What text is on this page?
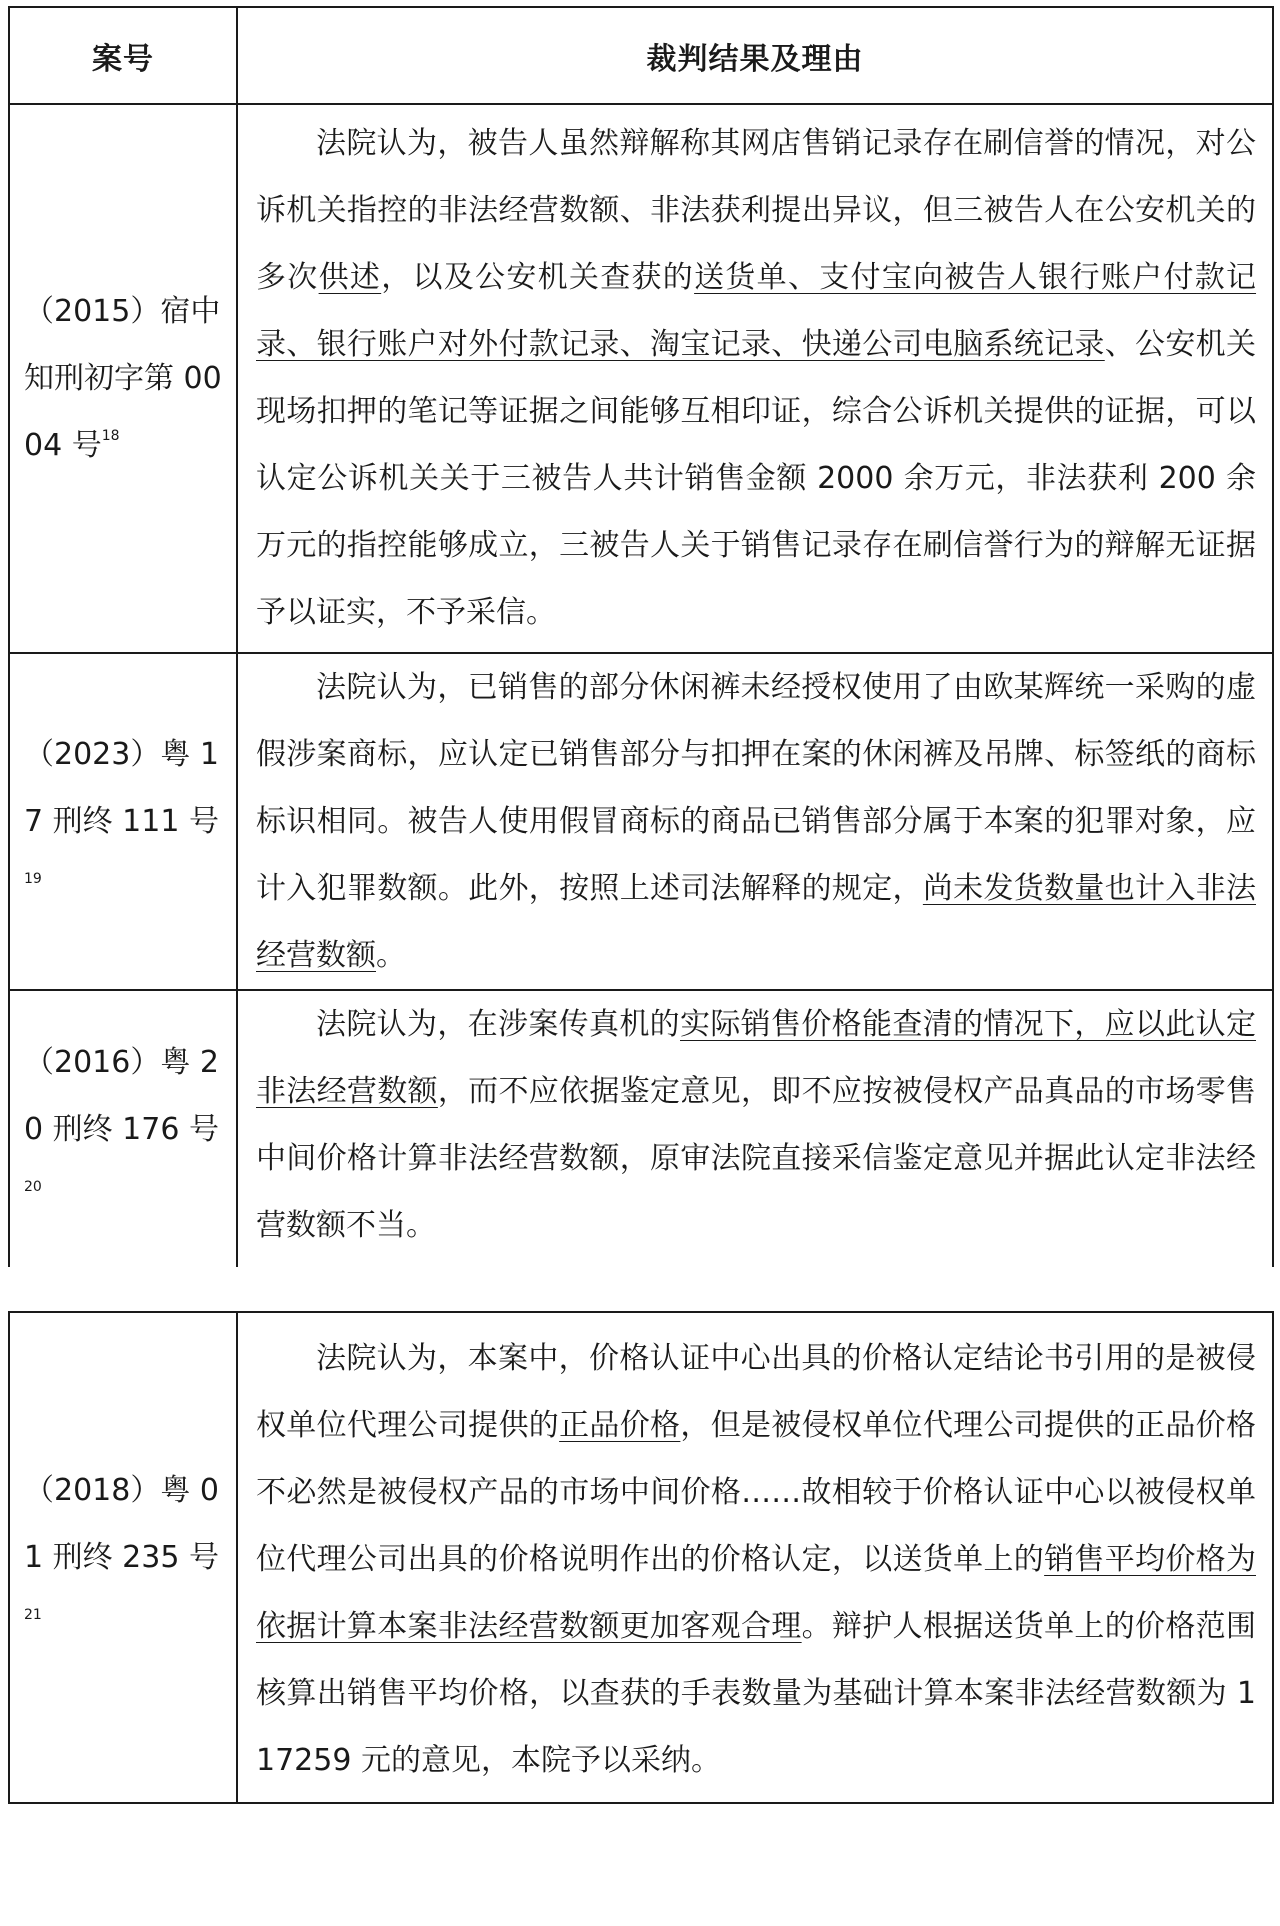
案号	裁判结果及理由
（2015）宿中知刑初字第 0004 号$^{18}$	法院认为，被告人虽然辩解称其网店售销记录存在刷信誉的情况，对公诉机关指控的非法经营数额、非法获利提出异议，但三被告人在公安机关的多次供述，以及公安机关查获的送货单、支付宝向被告人银行账户付款记录、银行账户对外付款记录、淘宝记录、快递公司电脑系统记录、公安机关现场扣押的笔记等证据之间能够互相印证，综合公诉机关提供的证据，可以认定公诉机关关于三被告人共计销售金额 2000 余万元，非法获利 200 余万元的指控能够成立，三被告人关于销售记录存在刷信誉行为的辩解无证据予以证实，不予采信。
（2023）粤 17 刑终 111 号$^{19}$	法院认为，已销售的部分休闲裤未经授权使用了由欧某辉统一采购的虚假涉案商标，应认定已销售部分与扣押在案的休闲裤及吊牌、标签纸的商标标识相同。被告人使用假冒商标的商品已销售部分属于本案的犯罪对象，应计入犯罪数额。此外，按照上述司法解释的规定，尚未发货数量也计入非法经营数额。
（2016）粤 20 刑终 176 号$^{20}$	法院认为，在涉案传真机的实际销售价格能查清的情况下，应以此认定非法经营数额，而不应依据鉴定意见，即不应按被侵权产品真品的市场零售中间价格计算非法经营数额，原审法院直接采信鉴定意见并据此认定非法经营数额不当。
（2018）粤 01 刑终 235 号$^{21}$	法院认为，本案中，价格认证中心出具的价格认定结论书引用的是被侵权单位代理公司提供的正品价格，但是被侵权单位代理公司提供的正品价格不必然是被侵权产品的市场中间价格……故相较于价格认证中心以被侵权单位代理公司出具的价格说明作出的价格认定，以送货单上的销售平均价格为依据计算本案非法经营数额更加客观合理。辩护人根据送货单上的价格范围核算出销售平均价格，以查获的手表数量为基础计算本案非法经营数额为 117259 元的意见，本院予以采纳。
